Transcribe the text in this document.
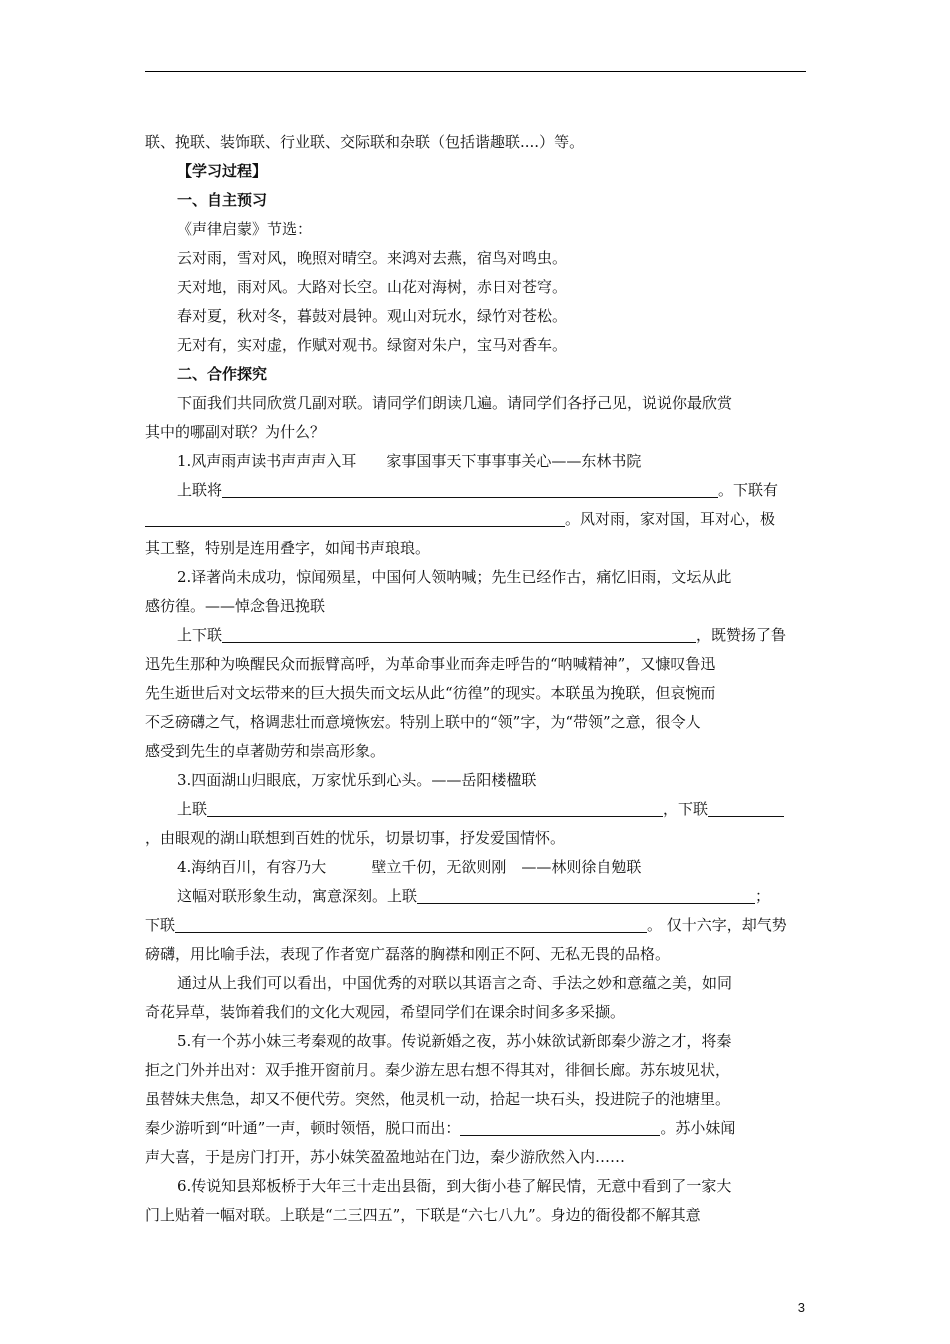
联、挽联、装饰联、行业联、交际联和杂联（包括谐趣联....）等。
【学习过程】
一、自主预习
《声律启蒙》节选：
云对雨，雪对风，晚照对晴空。来鸿对去燕，宿鸟对鸣虫。
天对地，雨对风。大路对长空。山花对海树，赤日对苍穹。
春对夏，秋对冬，暮鼓对晨钟。观山对玩水，绿竹对苍松。
无对有，实对虚，作赋对观书。绿窗对朱户，宝马对香车。
二、合作探究
下面我们共同欣赏几副对联。请同学们朗读几遍。请同学们各抒己见，说说你最欣赏
其中的哪副对联？为什么？
1.风声雨声读书声声声入耳　　家事国事天下事事事关心——东林书院
上联将	。下联有
。风对雨，家对国，耳对心，极
其工整，特别是连用叠字，如闻书声琅琅。
2.译著尚未成功，惊闻殒星，中国何人领呐喊；先生已经作古，痛忆旧雨，文坛从此
感彷徨。——悼念鲁迅挽联
上下联	，既赞扬了鲁
迅先生那种为唤醒民众而振臂高呼，为革命事业而奔走呼告的“呐喊精神”，又慷叹鲁迅
先生逝世后对文坛带来的巨大损失而文坛从此“彷徨”的现实。本联虽为挽联，但哀惋而
不乏磅礴之气，格调悲壮而意境恢宏。特别上联中的“领”字，为“带领”之意，很令人
感受到先生的卓著勋劳和崇高形象。
3.四面湖山归眼底，万家忧乐到心头。——岳阳楼楹联
上联	，下联
，由眼观的湖山联想到百姓的忧乐，切景切事，抒发爱国情怀。
4.海纳百川，有容乃大　　　壁立千仞，无欲则刚　——林则徐自勉联
这幅对联形象生动，寓意深刻。上联	；
下联	。 仅十六字，却气势
磅礴，用比喻手法，表现了作者宽广磊落的胸襟和刚正不阿、无私无畏的品格。
通过从上我们可以看出，中国优秀的对联以其语言之奇、手法之妙和意蕴之美，如同
奇花异草，装饰着我们的文化大观园，希望同学们在课余时间多多采撷。
5.有一个苏小妹三考秦观的故事。传说新婚之夜，苏小妹欲试新郎秦少游之才，将秦
拒之门外并出对：双手推开窗前月。秦少游左思右想不得其对，徘徊长廊。苏东坡见状，
虽替妹夫焦急，却又不便代劳。突然，他灵机一动，拾起一块石头，投进院子的池塘里。
秦少游听到“叶通”一声，顿时领悟，脱口而出：	。苏小妹闻
声大喜，于是房门打开，苏小妹笑盈盈地站在门边，秦少游欣然入内……
6.传说知县郑板桥于大年三十走出县衙，到大街小巷了解民情，无意中看到了一家大
门上贴着一幅对联。上联是“二三四五”，下联是“六七八九”。身边的衙役都不解其意
3
